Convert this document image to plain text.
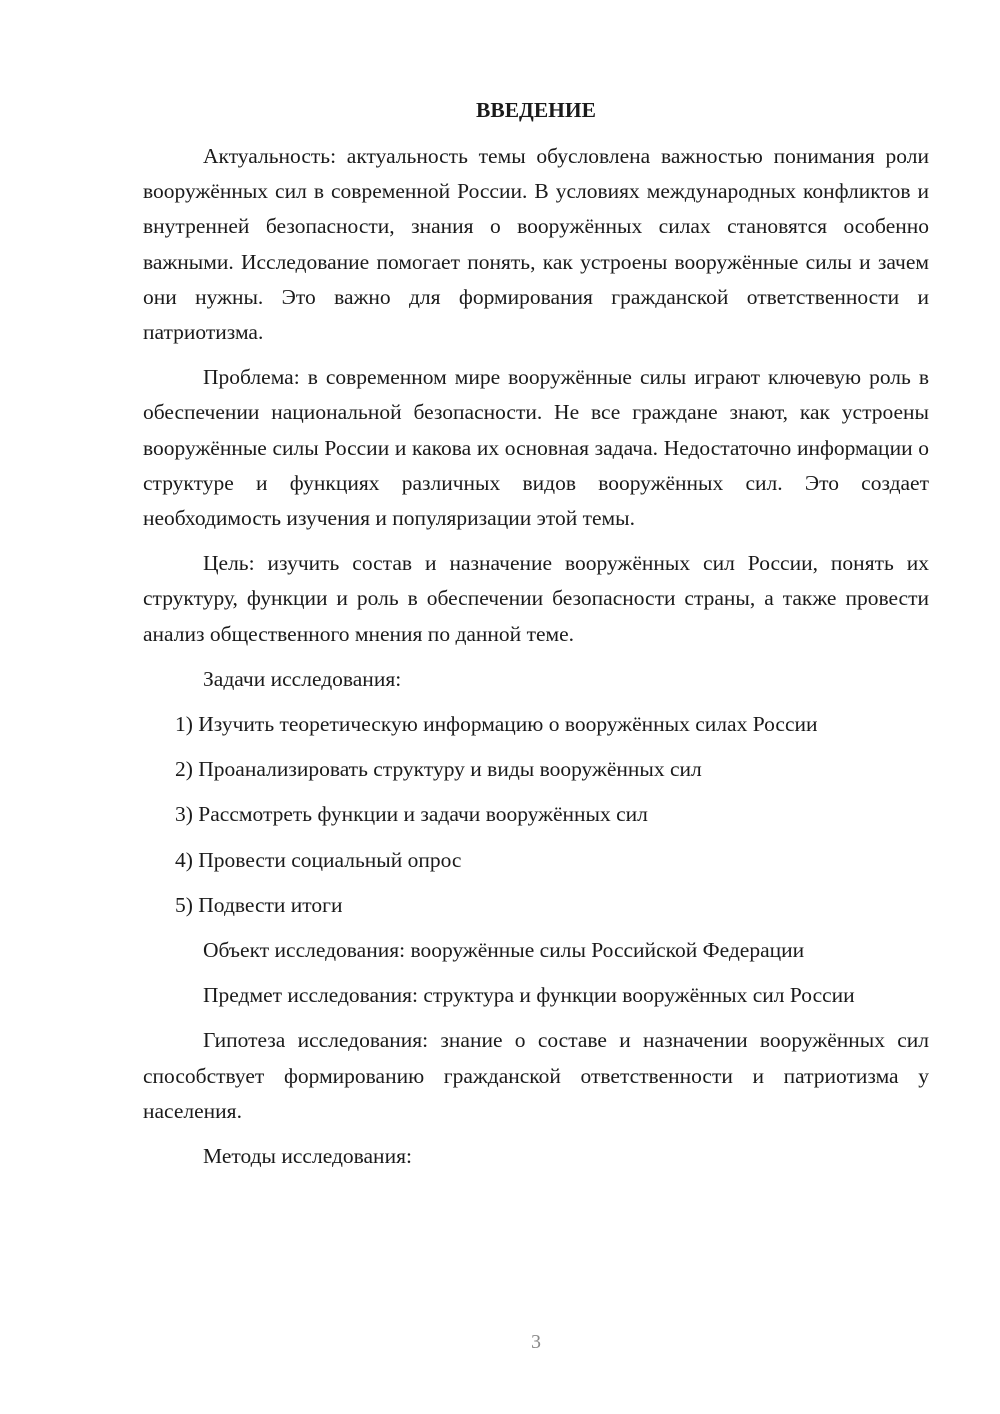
ВВЕДЕНИЕ

Актуальность: актуальность темы обусловлена важностью понимания роли вооружённых сил в современной России. В условиях международных конфликтов и внутренней безопасности, знания о вооружённых силах становятся особенно важными. Исследование помогает понять, как устроены вооружённые силы и зачем они нужны. Это важно для формирования гражданской ответственности и патриотизма.

Проблема: в современном мире вооружённые силы играют ключевую роль в обеспечении национальной безопасности. Не все граждане знают, как устроены вооружённые силы России и какова их основная задача. Недостаточно информации о структуре и функциях различных видов вооружённых сил. Это создает необходимость изучения и популяризации этой темы.

Цель: изучить состав и назначение вооружённых сил России, понять их структуру, функции и роль в обеспечении безопасности страны, а также провести анализ общественного мнения по данной теме.

Задачи исследования:

1) Изучить теоретическую информацию о вооружённых силах России
2) Проанализировать структуру и виды вооружённых сил
3) Рассмотреть функции и задачи вооружённых сил
4) Провести социальный опрос
5) Подвести итоги

Объект исследования: вооружённые силы Российской Федерации

Предмет исследования: структура и функции вооружённых сил России

Гипотеза исследования: знание о составе и назначении вооружённых сил способствует формированию гражданской ответственности и патриотизма у населения.

Методы исследования:

3
